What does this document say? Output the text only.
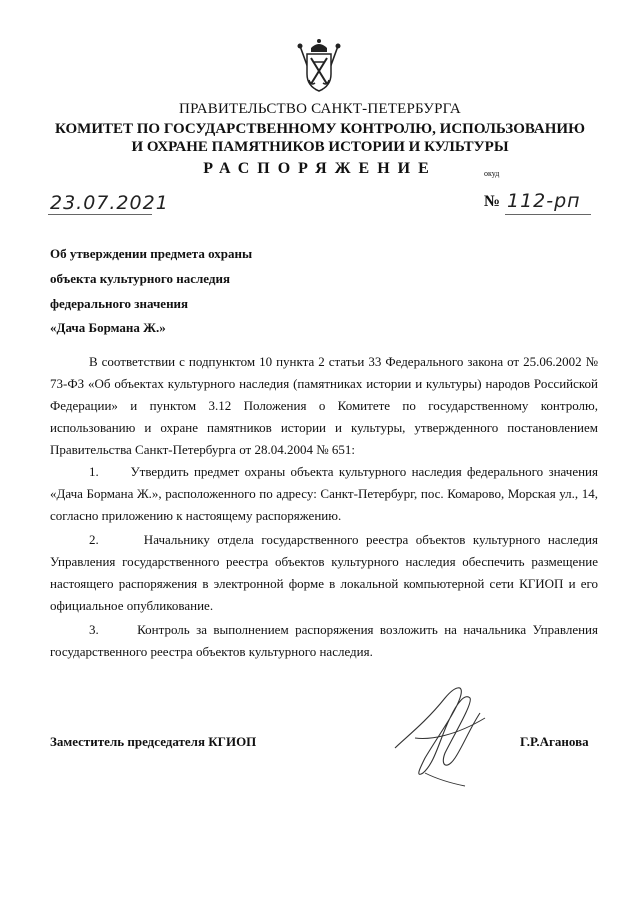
ПРАВИТЕЛЬСТВО САНКТ-ПЕТЕРБУРГА
КОМИТЕТ ПО ГОСУДАРСТВЕННОМУ КОНТРОЛЮ, ИСПОЛЬЗОВАНИЮ
И ОХРАНЕ ПАМЯТНИКОВ ИСТОРИИ И КУЛЬТУРЫ
РАСПОРЯЖЕНИЕ	окуд
23.07.2021	№ 112-рп
Об утверждении предмета охраны
объекта культурного наследия
федерального значения
«Дача Бормана Ж.»
В соответствии с подпунктом 10 пункта 2 статьи 33 Федерального закона от 25.06.2002 № 73-ФЗ «Об объектах культурного наследия (памятниках истории и культуры) народов Российской Федерации» и пунктом 3.12 Положения о Комитете по государственному контролю, использованию и охране памятников истории и культуры, утвержденного постановлением Правительства Санкт-Петербурга от 28.04.2004 № 651:
1.      Утвердить предмет охраны объекта культурного наследия федерального значения «Дача Бормана Ж.», расположенного по адресу: Санкт-Петербург, пос. Комарово, Морская ул., 14, согласно приложению к настоящему распоряжению.
2.      Начальнику отдела государственного реестра объектов культурного наследия Управления государственного реестра объектов культурного наследия обеспечить размещение настоящего распоряжения в электронной форме в локальной компьютерной сети КГИОП и его официальное опубликование.
3.      Контроль за выполнением распоряжения возложить на начальника Управления государственного реестра объектов культурного наследия.
Заместитель председателя КГИОП	Г.Р.Аганова
